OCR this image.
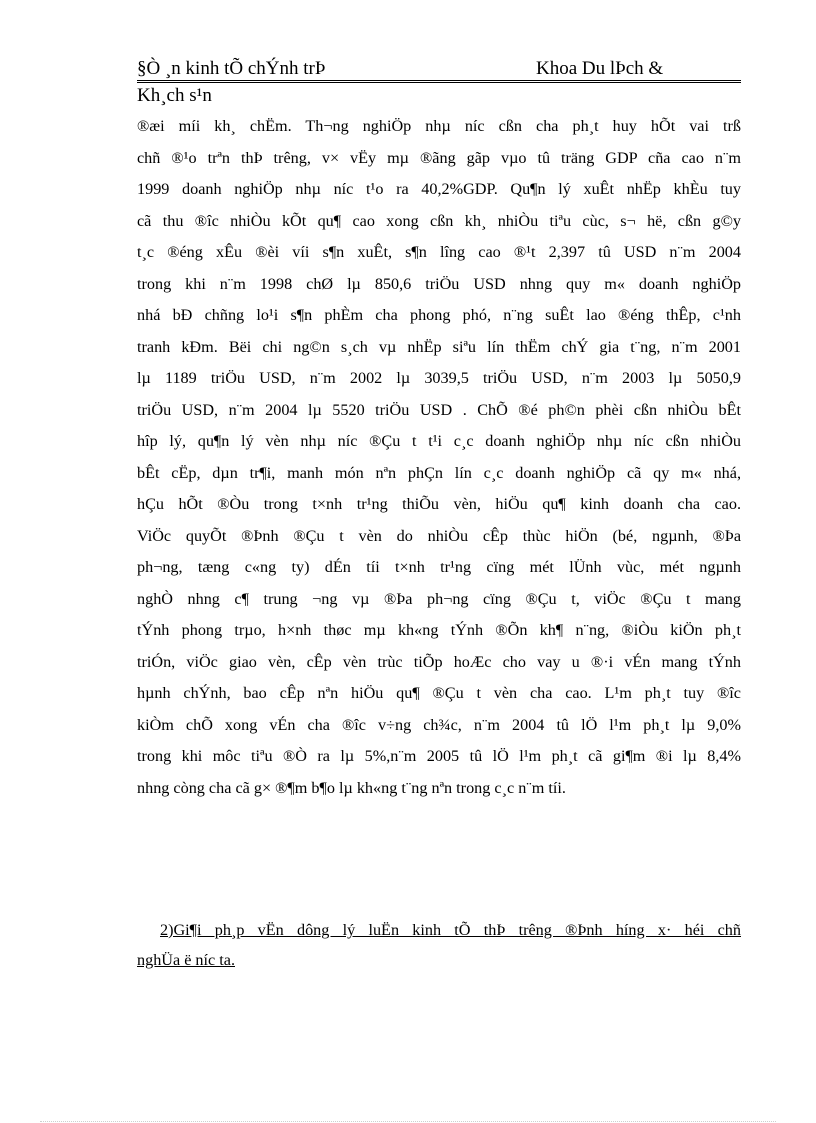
§Ò ¸n kinh tÕ chÝnh trÞ	Khoa Du lÞch &
Kh¸ch s¹n
®æi míi kh¸ chËm. Th¬ng nghiÖp nhµ níc cßn cha ph¸t huy hÕt vai trß
chñ ®¹o trªn thÞ trêng, v× vËy mµ ®ãng gãp vµo tû träng GDP cña cao n¨m
1999 doanh nghiÖp nhµ níc t¹o ra 40,2%GDP. Qu¶n lý xuÊt nhËp khÈu tuy
cã thu ®îc nhiÒu kÕt qu¶ cao xong cßn kh¸ nhiÒu tiªu cùc, s¬ hë, cßn g©y
t¸c ®éng xÊu ®èi víi s¶n xuÊt, s¶n lîng cao ®¹t 2,397 tû USD n¨m 2004
trong khi n¨m 1998 chØ lµ 850,6 triÖu USD nhng quy m« doanh nghiÖp
nhá bÐ chñng lo¹i s¶n phÈm cha phong phó, n¨ng suÊt lao ®éng thÊp, c¹nh
tranh kÐm. Bëi chi ng©n s¸ch vµ nhËp siªu lín thËm chÝ gia t¨ng, n¨m 2001
lµ 1189 triÖu USD, n¨m 2002 lµ 3039,5 triÖu USD, n¨m 2003 lµ 5050,9
triÖu USD, n¨m 2004 lµ 5520 triÖu USD . ChÕ ®é ph©n phèi cßn nhiÒu bÊt
hîp lý, qu¶n lý vèn nhµ níc ®Çu t t¹i c¸c doanh nghiÖp nhµ níc cßn nhiÒu
bÊt cËp, dµn tr¶i, manh món nªn phÇn lín c¸c doanh nghiÖp cã qy m« nhá,
hÇu hÕt ®Òu trong t×nh tr¹ng thiÕu vèn, hiÖu qu¶ kinh doanh cha cao.
ViÖc quyÕt ®Þnh ®Çu t vèn do nhiÒu cÊp thùc hiÖn (bé, ngµnh, ®Þa
ph¬ng, tæng c«ng ty) dÉn tíi t×nh tr¹ng cïng mét lÜnh vùc, mét ngµnh
nghÒ nhng c¶ trung ¬ng vµ ®Þa ph¬ng cïng ®Çu t, viÖc ®Çu t mang
tÝnh phong trµo, h×nh thøc mµ kh«ng tÝnh ®Õn kh¶ n¨ng, ®iÒu kiÖn ph¸t
triÓn, viÖc giao vèn, cÊp vèn trùc tiÕp hoÆc cho vay u ®·i vÉn mang tÝnh
hµnh chÝnh, bao cÊp nªn hiÖu qu¶ ®Çu t vèn cha cao. L¹m ph¸t tuy ®îc
kiÒm chÕ xong vÉn cha ®îc v÷ng ch¾c, n¨m 2004 tû lÖ l¹m ph¸t lµ 9,0%
trong khi môc tiªu ®Ò ra lµ 5%,n¨m 2005 tû lÖ l¹m ph¸t cã gi¶m ®i lµ 8,4%
nhng còng cha cã g× ®¶m b¶o lµ kh«ng t¨ng nªn trong c¸c n¨m tíi.
2)Gi¶i ph¸p vËn dông lý luËn kinh tÕ thÞ trêng ®Þnh híng x· héi chñ
nghÜa ë níc ta.
